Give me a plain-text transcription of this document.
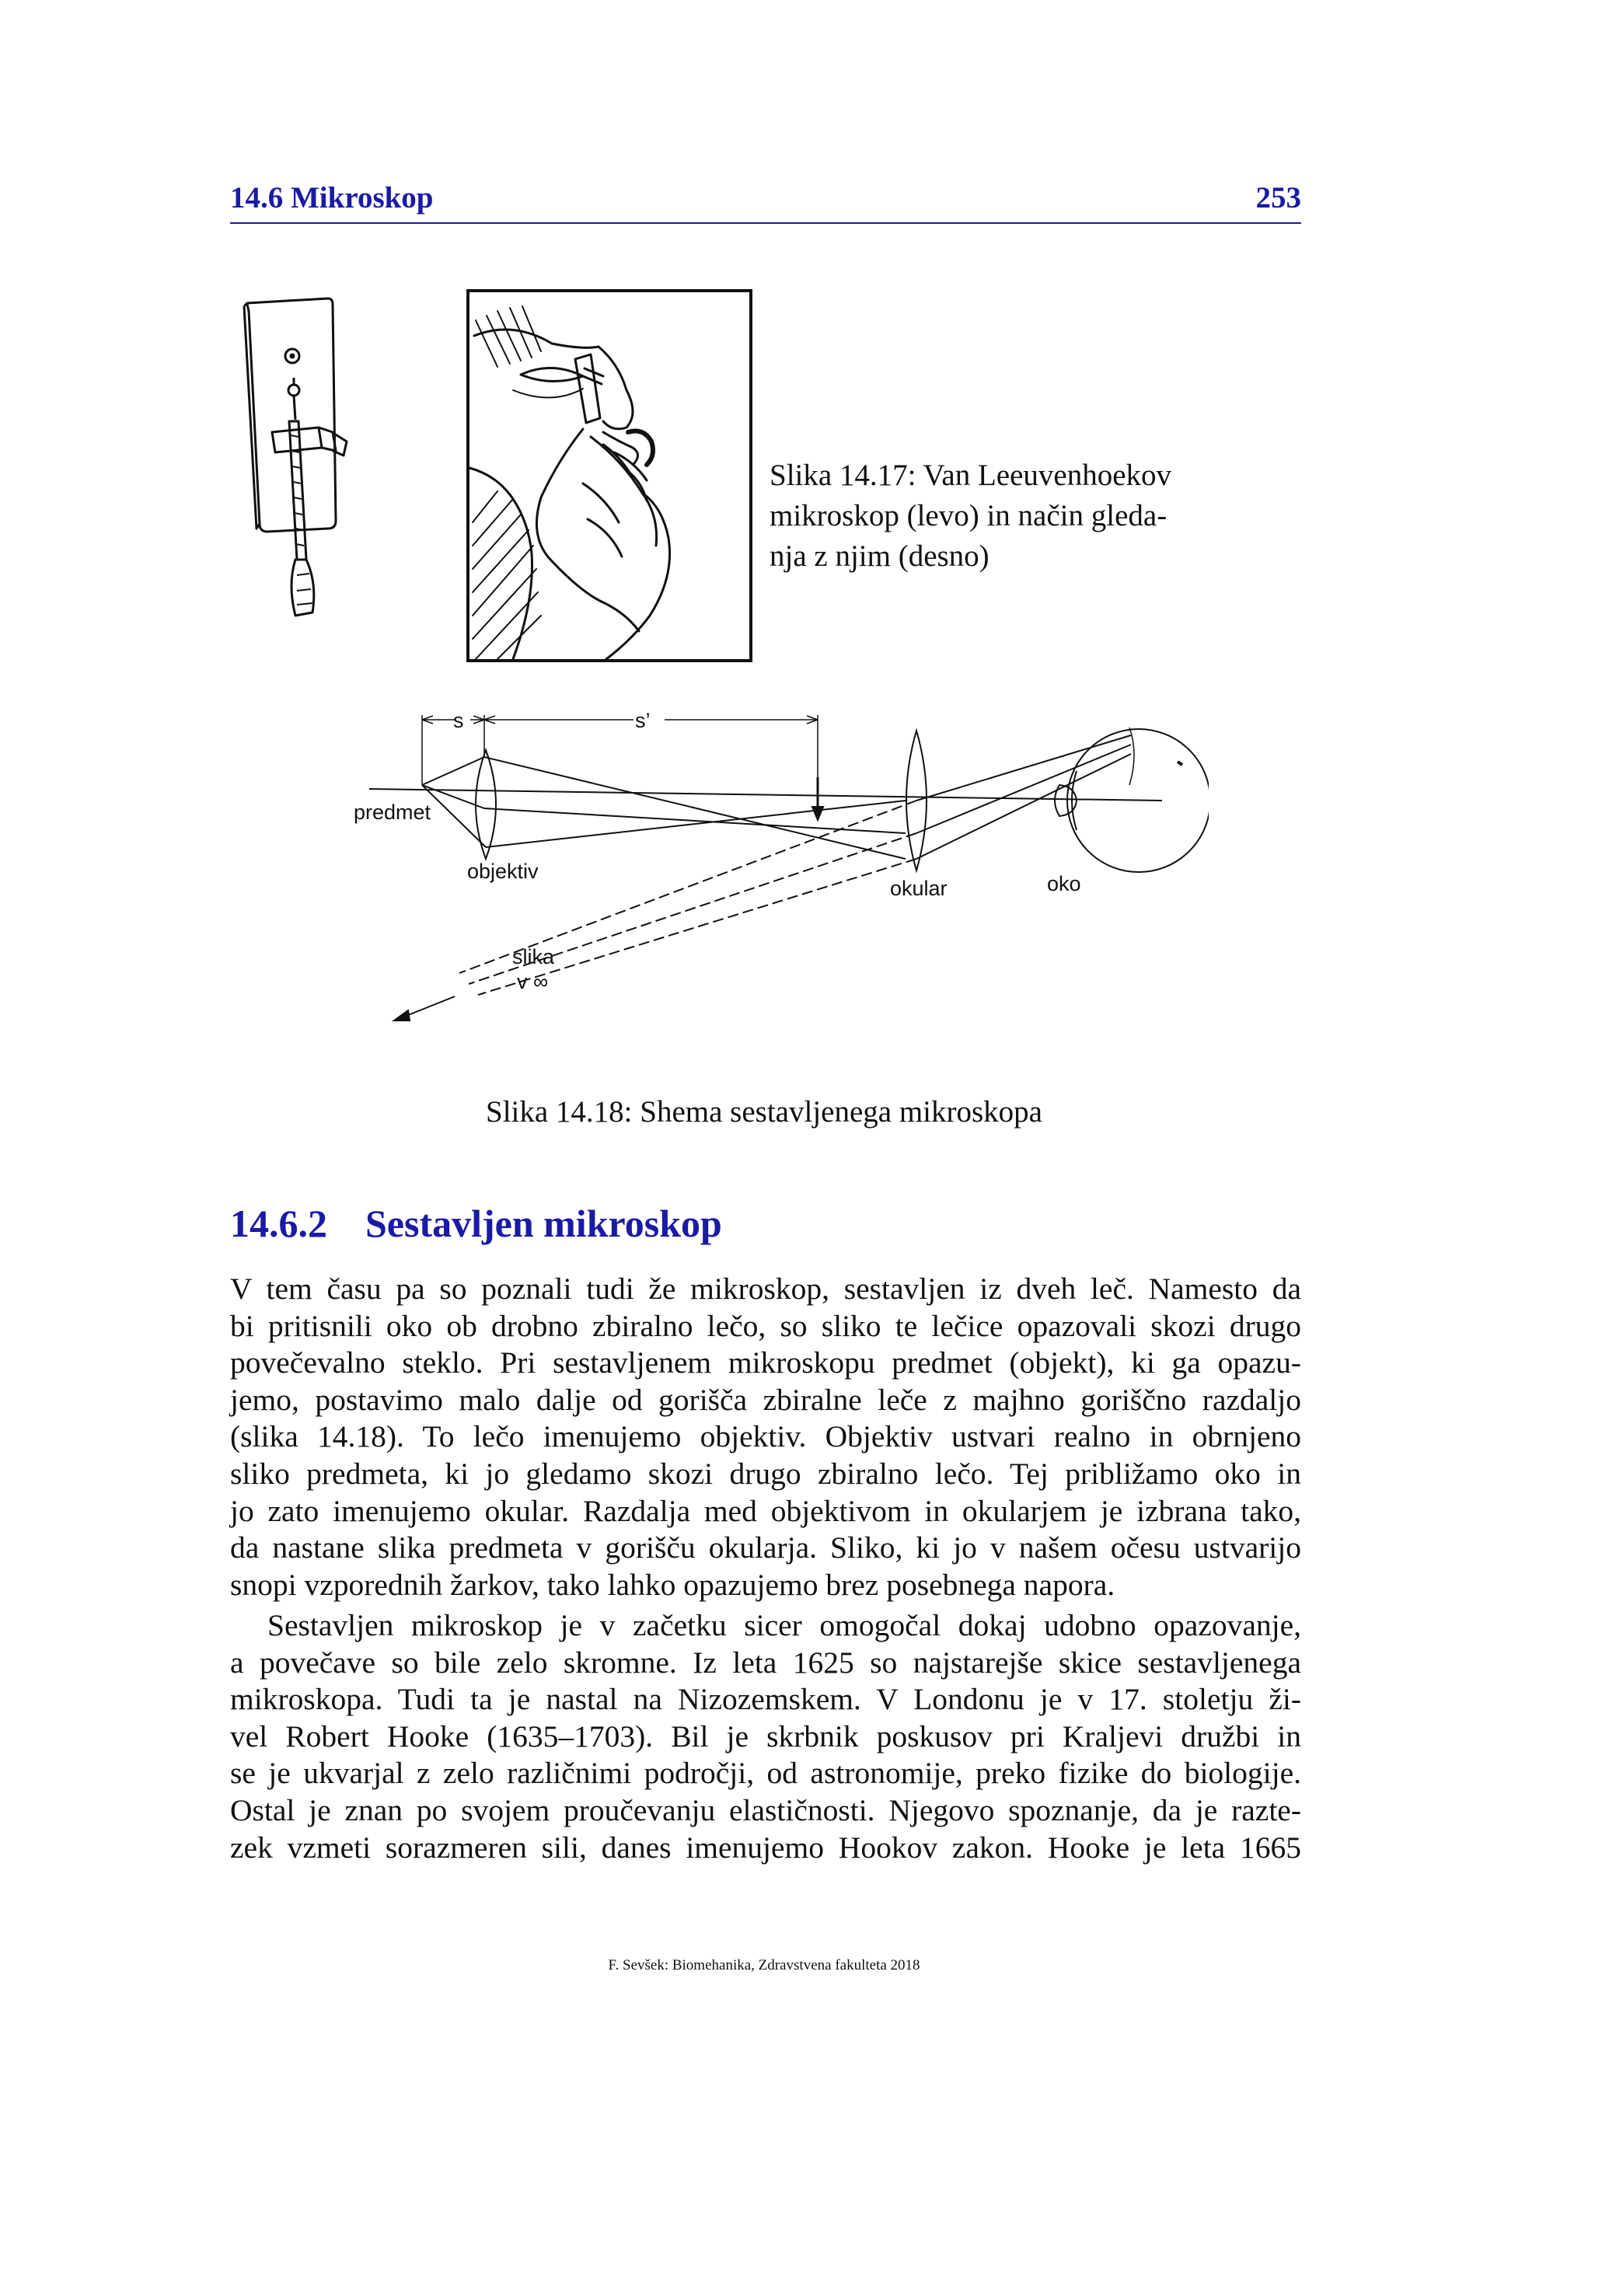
14.6 Mikroskop	253
Slika 14.17: Van Leeuvenhoekov
mikroskop (levo) in način gleda-
nja z njim (desno)
s	s’
predmet
objektiv
okular	oko
slika
v ∞
Slika 14.18: Shema sestavljenega mikroskopa
14.6.2 Sestavljen mikroskop
V tem času pa so poznali tudi že mikroskop, sestavljen iz dveh leč. Namesto da
bi pritisnili oko ob drobno zbiralno lečo, so sliko te lečice opazovali skozi drugo
povečevalno steklo. Pri sestavljenem mikroskopu predmet (objekt), ki ga opazu-
jemo, postavimo malo dalje od gorišča zbiralne leče z majhno goriščno razdaljo
(slika 14.18). To lečo imenujemo objektiv. Objektiv ustvari realno in obrnjeno
sliko predmeta, ki jo gledamo skozi drugo zbiralno lečo. Tej približamo oko in
jo zato imenujemo okular. Razdalja med objektivom in okularjem je izbrana tako,
da nastane slika predmeta v gorišču okularja. Sliko, ki jo v našem očesu ustvarijo
snopi vzporednih žarkov, tako lahko opazujemo brez posebnega napora.
Sestavljen mikroskop je v začetku sicer omogočal dokaj udobno opazovanje,
a povečave so bile zelo skromne. Iz leta 1625 so najstarejše skice sestavljenega
mikroskopa. Tudi ta je nastal na Nizozemskem. V Londonu je v 17. stoletju ži-
vel Robert Hooke (1635–1703). Bil je skrbnik poskusov pri Kraljevi družbi in
se je ukvarjal z zelo različnimi področji, od astronomije, preko fizike do biologije.
Ostal je znan po svojem proučevanju elastičnosti. Njegovo spoznanje, da je razte-
zek vzmeti sorazmeren sili, danes imenujemo Hookov zakon. Hooke je leta 1665
F. Sevšek: Biomehanika, Zdravstvena fakulteta 2018
